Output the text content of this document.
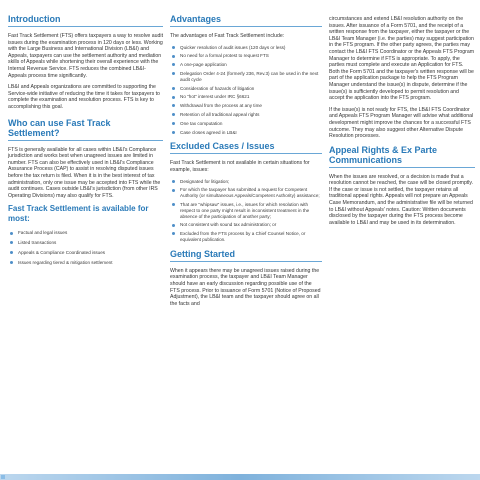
Introduction

Fast Track Settlement (FTS) offers taxpayers a way to resolve audit issues during the examination process in 120 days or less. Working with the Large Business and International Division (LB&I) and Appeals, taxpayers can use the settlement authority and mediation skills of Appeals while shortening their overall experience with the Internal Revenue Service. FTS reduces the combined LB&I-Appeals process time significantly.

LB&I and Appeals organizations are committed to supporting the Service-wide initiative of reducing the time it takes for taxpayers to complete the examination and resolution process. FTS is key to accomplishing this goal.

Who can use Fast Track Settlement?

FTS is generally available for all cases within LB&I's Compliance jurisdiction and works best when unagreed issues are limited in number. FTS can also be effectively used in LB&I's Compliance Assurance Process (CAP) to assist in resolving disputed issues before the tax return is filed. When it is in the best interest of tax administration, only one issue may be accepted into FTS while the audit continues. Cases outside LB&I's jurisdiction (from other IRS Operating Divisions) may also qualify for FTS.

Fast Track Settlement is available for most:
Factual and legal issues
Listed transactions
Appeals & Compliance Coordinated issues
Issues regarding tiered & mitigation settlement
Advantages

The advantages of Fast Track Settlement include:

Quicker resolution of audit issues (120 days or less)
No need for a formal protest to request FTS
A one-page application
Delegation Order 4-24 (formerly 236, Rev.3) can be used in the next audit cycle
Consideration of hazards of litigation
No "hot" interest under IRC §6621
Withdrawal from the process at any time
Retention of all traditional appeal rights
One tax computation
Case closes agreed in LB&I
Excluded Cases / Issues

Fast Track Settlement is not available in certain situations for example, issues:

Designated for litigation;
For which the taxpayer has submitted a request for Competent Authority (or simultaneous Appeals/Competent Authority) assistance;
That are "whipsaw" issues, i.e., issues for which resolution with respect to one party might result in inconsistent treatment in the absence of the participation of another party;
Not consistent with sound tax administration; or
Excluded from the FTS process by a Chief Counsel Notice, or equivalent publication.
Getting Started

When it appears there may be unagreed issues raised during the examination process, the taxpayer and LB&I Team Manager should have an early discussion regarding possible use of the FTS process. Prior to issuance of Form 5701 (Notice of Proposed Adjustment), the LB&I team and the taxpayer should agree on all the facts and

circumstances and extend LB&I resolution authority on the issues. After issuance of a Form 5701, and the receipt of a written response from the taxpayer, either the taxpayer or the LB&I Team Manager (i.e. the parties) may suggest participation in the FTS program. If the other party agrees, the parties may contact the LB&I FTS Coordinator or the Appeals FTS Program Manager to determine if FTS is appropriate. To apply, the parties must complete and execute an Application for FTS. Both the Form 5701 and the taxpayer's written response will be part of the application package to help the FTS Program Manager understand the issue(s) in dispute, determine if the issue(s) is sufficiently developed to permit resolution and accept the application into the FTS program.

If the issue(s) is not ready for FTS, the LB&I FTS Coordinator and Appeals FTS Program Manager will advise what additional development might improve the chances for a successful FTS outcome. They may also suggest other Alternative Dispute Resolution processes.

Appeal Rights & Ex Parte Communications

When the issues are resolved, or a decision is made that a resolution cannot be reached, the case will be closed promptly. If the case or issue is not settled, the taxpayer retains all traditional appeal rights. Appeals will not prepare an Appeals Case Memorandum, and the administrative file will be returned to LB&I without Appeals' notes. Caution: Written documents disclosed by the taxpayer during the FTS process become available to LB&I and may be used in its determination.
